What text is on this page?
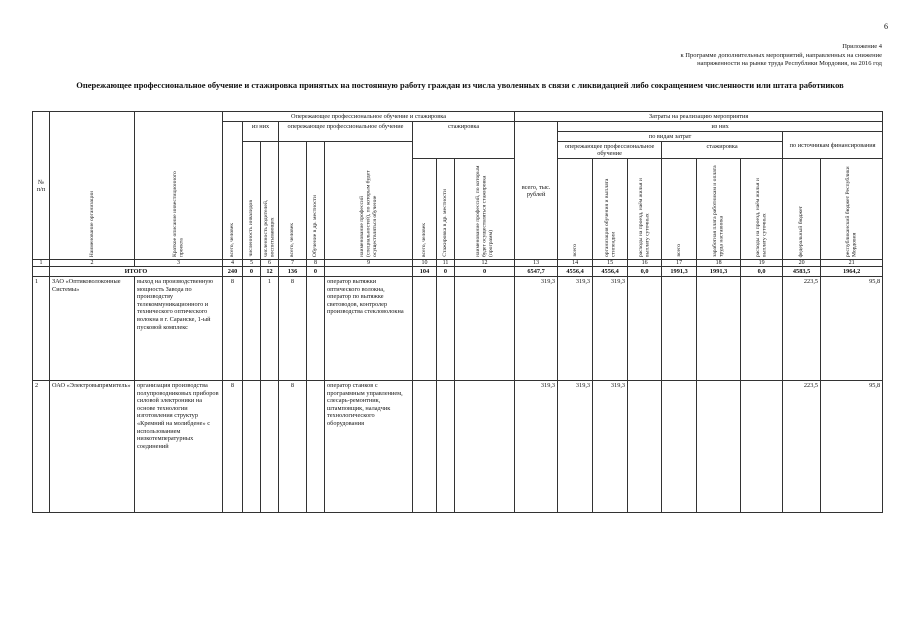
6
Приложение 4
к Программе дополнительных мероприятий, направленных на снижение
напряженности на рынке труда Республики Мордовия, на 2016 год
Опережающее профессиональное обучение и стажировка принятых на постоянную работу граждан из числа уволенных в связи с ликвидацией либо сокращением численности или штата работников
№ п/п	Наименование организации	Краткое описание инвестиционного проекта	Опережающее профессиональное обучение и стажировка									Затраты на реализацию мероприятия								

			всего, человек	из них		опережающее профессиональное обучение			стажировка			всего, тыс. рублей	из них							
													по видам затрат						по источникам финансирования	

				численность инвалидов	численность родителей, воспитывающих	всего, человек	Обучение в др. местности	наименование профессий (специальностей), по которым будет осуществляться обучение					опережающее профессиональное обучение			стажировка				

									всего, человек	Стажировка в др. местности	наименование профессий, по которым будет осуществляться стажировка (программ)		всего	организация обучения и выплата стипендии	расходы на проезд, наём жилья и выплату суточных	всего	заработная плата работникам и оплата труда наставника	расходы на проезд, наём жилья и выплату суточных	федеральный бюджет	республиканский бюджет Республики Мордовия

1	2	3	4	5	6	7	8	9	10	11	12	13	14	15	16	17	18	19	20	21
	ИТОГО		240	0	12	136	0		104	0	0	6547,7	4556,4	4556,4	0,0	1991,3	1991,3	0,0	4583,5	1964,2
1	ЗАО «Оптиковолоконные Системы»	выход на производственную мощность Завода по производству телекоммуникационного и технического оптического волокна в г. Саранске, 1-ый пусковой комплекс	8		1	8		оператор вытяжки оптического волокна, оператор по вытяжке световодов, контролер производства стекловолокна				319,3	319,3	319,3					223,5	95,8
2	ОАО «Электровыпрямитель»	организация производства полупроводниковых приборов силовой электроники на основе технологии изготовления структур «Кремний на молибдене» с использованием низкотемпературных соединений	8			8		оператор станков с программным управлением, слесарь-ремонтник, штамповщик, наладчик технологического оборудования				319,3	319,3	319,3					223,5	95,8
